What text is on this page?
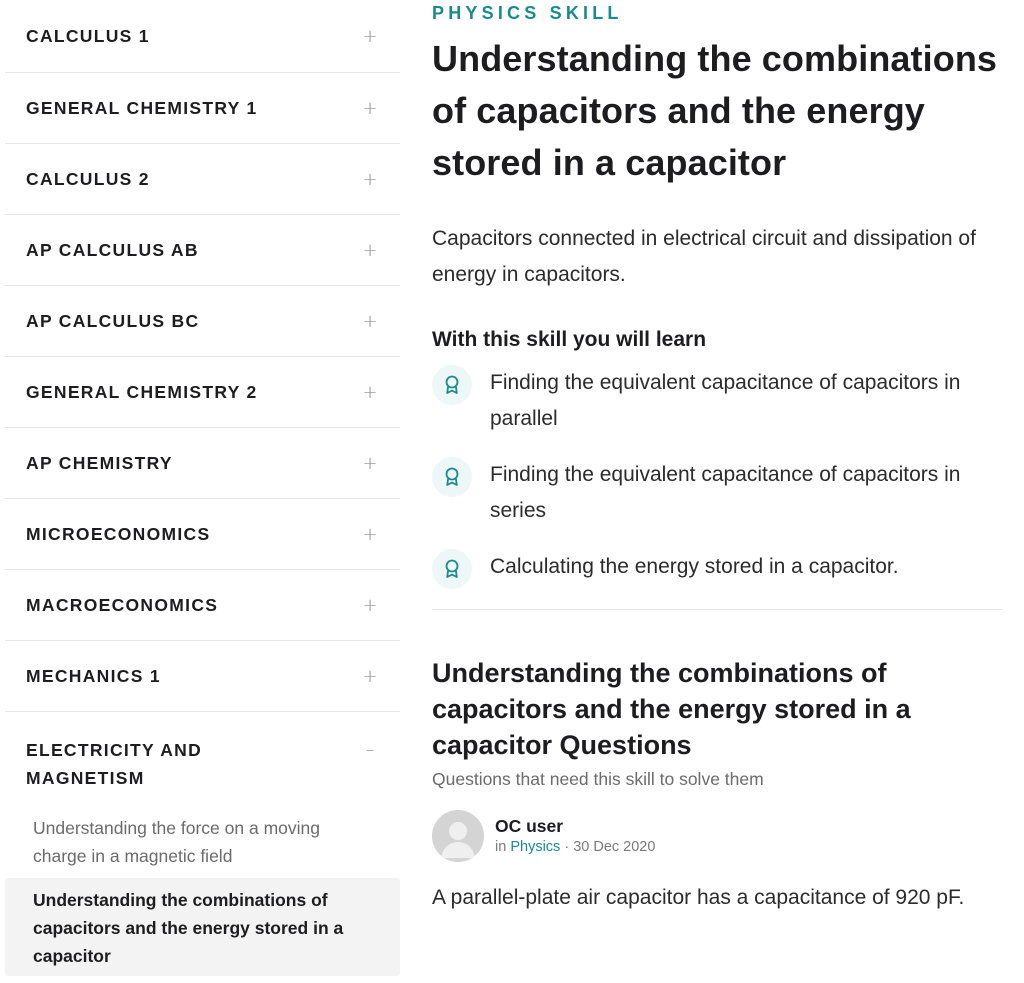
CALCULUS 1	+
GENERAL CHEMISTRY 1	+
CALCULUS 2	+
AP CALCULUS AB	+
AP CALCULUS BC	+
GENERAL CHEMISTRY 2	+
AP CHEMISTRY	+
MICROECONOMICS	+
MACROECONOMICS	+
MECHANICS 1	+
ELECTRICITY AND MAGNETISM
–
Understanding the force on a moving charge in a magnetic field
Understanding the combinations of capacitors and the energy stored in a capacitor
PHYSICS SKILL
Understanding the combinations of capacitors and the energy stored in a capacitor

Capacitors connected in electrical circuit and dissipation of energy in capacitors.

With this skill you will learn
Finding the equivalent capacitance of capacitors in parallel
Finding the equivalent capacitance of capacitors in series
Calculating the energy stored in a capacitor.
Understanding the combinations of capacitors and the energy stored in a capacitor Questions

Questions that need this skill to solve them

OC user
in Physics · 30 Dec 2020

A parallel-plate air capacitor has a capacitance of 920 pF.
